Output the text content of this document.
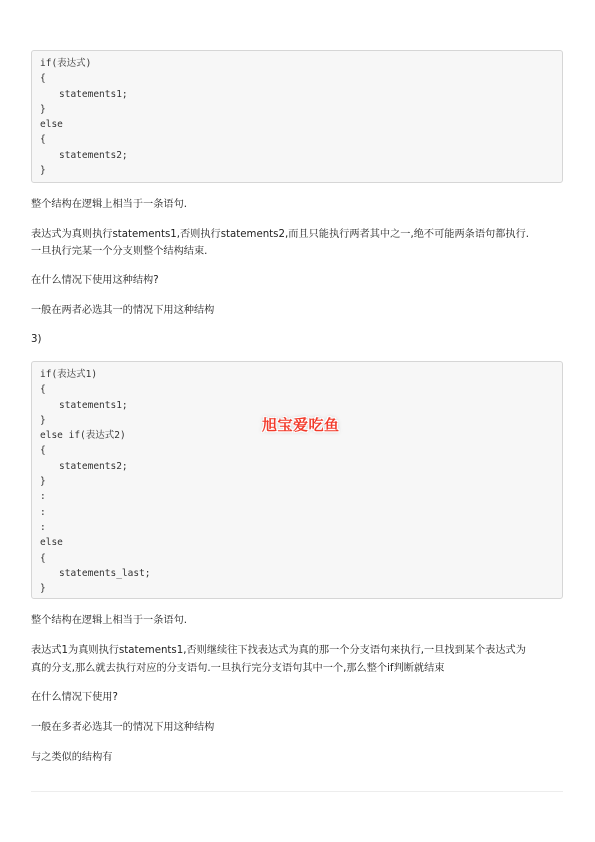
if(表达式)
{
statements1;
}
else
{
statements2;
}

整个结构在逻辑上相当于一条语句.

表达式为真则执行statements1,否则执行statements2,而且只能执行两者其中之一,绝不可能两条语句都执行.

一旦执行完某一个分支则整个结构结束.

在什么情况下使用这种结构?

一般在两者必选其一的情况下用这种结构

3)

if(表达式1)
{
statements1;
}
else if(表达式2)
{
statements2;
}
:
:
:
else
{
statements_last;
}
旭宝爱吃鱼

整个结构在逻辑上相当于一条语句.

表达式1为真则执行statements1,否则继续往下找表达式为真的那一个分支语句来执行,一旦找到某个表达式为

真的分支,那么就去执行对应的分支语句.一旦执行完分支语句其中一个,那么整个if判断就结束

在什么情况下使用?

一般在多者必选其一的情况下用这种结构

与之类似的结构有
